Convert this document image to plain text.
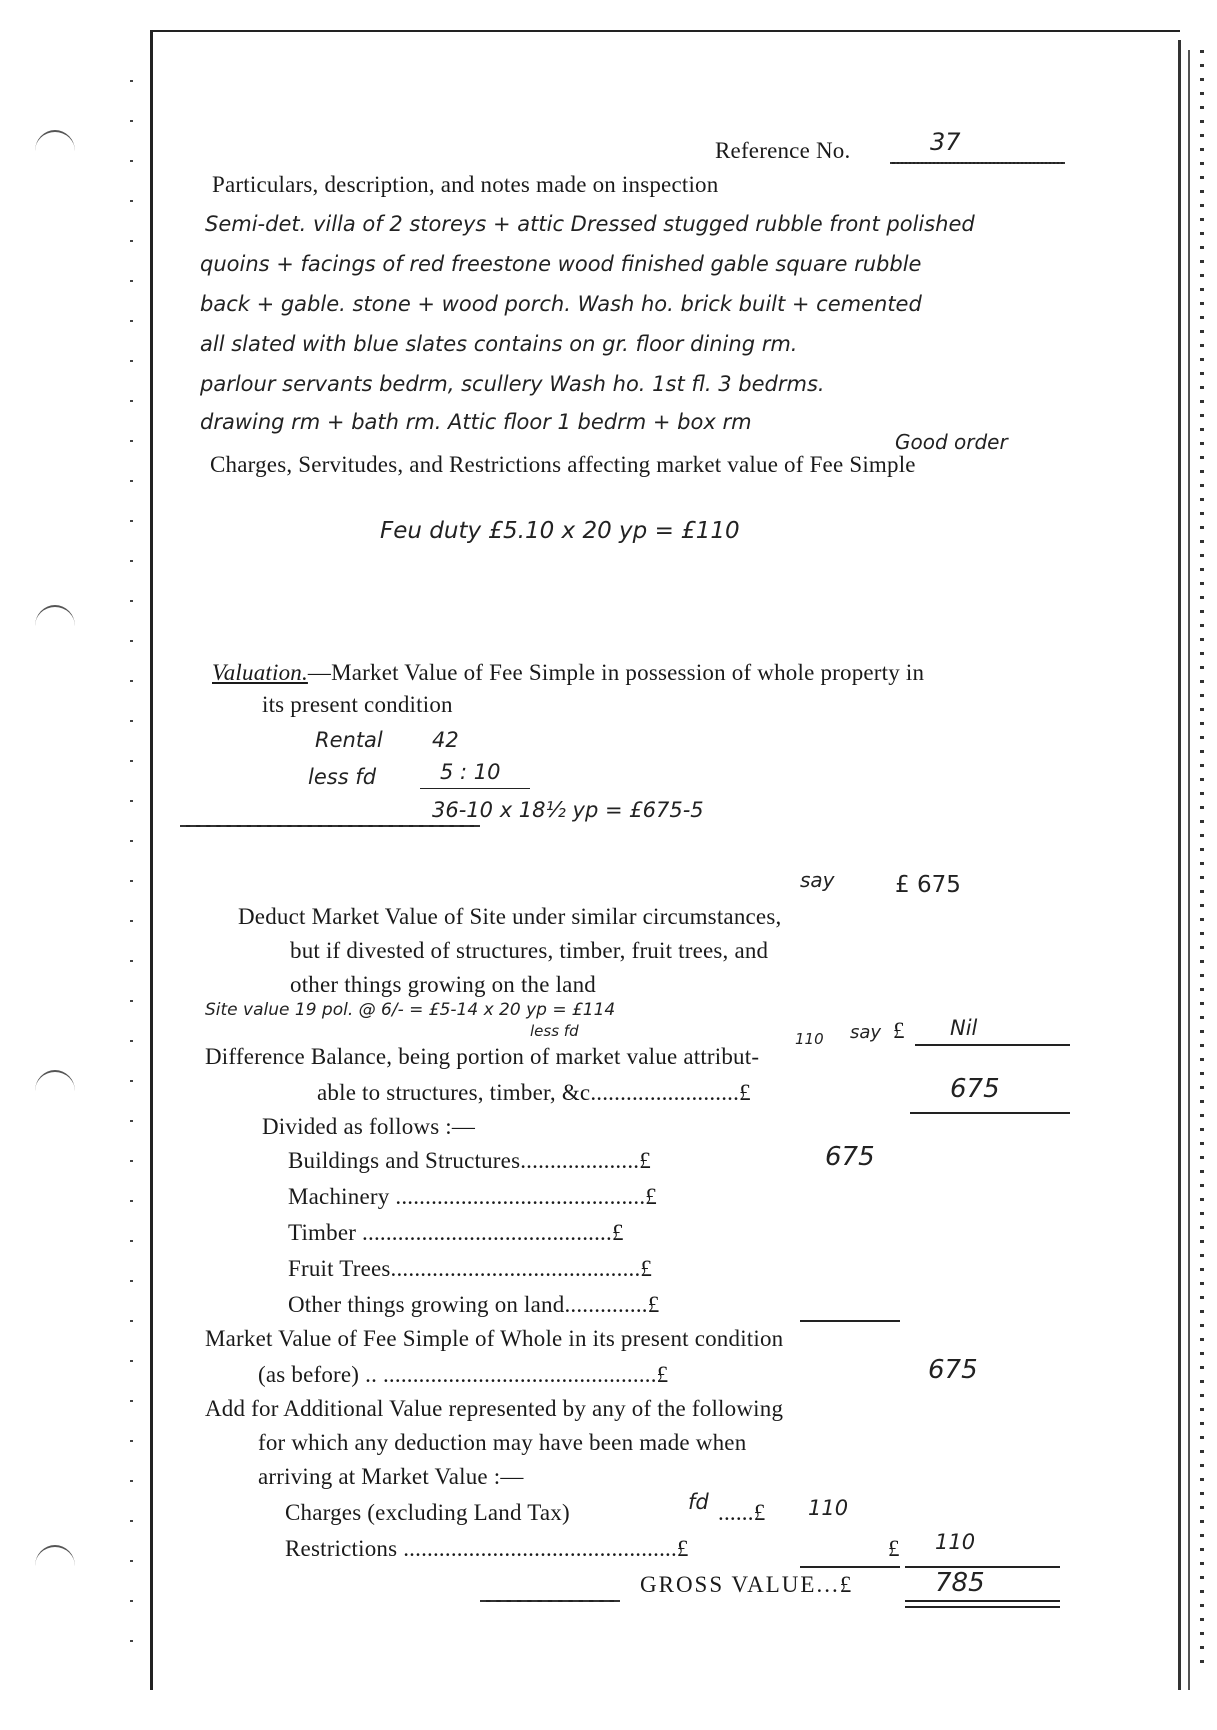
Reference No.	37
Particulars, description, and notes made on inspection
Semi-det. villa of 2 storeys + attic Dressed stugged rubble front polished
quoins + facings of red freestone wood finished gable square rubble
back + gable. stone + wood porch. Wash ho. brick built + cemented
all slated with blue slates contains on gr. floor dining rm.
parlour servants bedrm, scullery Wash ho. 1st fl. 3 bedrms.
drawing rm + bath rm. Attic floor 1 bedrm + box rm
Good order
Charges, Servitudes, and Restrictions affecting market value of Fee Simple
Feu duty £5.10 x 20 yp = £110
Valuation.—Market Value of Fee Simple in possession of whole property in
its present condition
Rental 42
less fd	5 : 10
36-10 x 18½ yp = £675-5
say	£ 675
Deduct Market Value of Site under similar circumstances,
but if divested of structures, timber, fruit trees, and
other things growing on the land
Site value 19 pol. @ 6/- = £5-14 x 20 yp = £114
less fd	110 say £ Nil
Difference Balance, being portion of market value attribut-
able to structures, timber, &c.........................£	675
Divided as follows :—
Buildings and Structures....................£	675
Machinery ..........................................£
Timber ..........................................£
Fruit Trees..........................................£
Other things growing on land..............£
Market Value of Fee Simple of Whole in its present condition
(as before) .. ..............................................£	675
Add for Additional Value represented by any of the following
for which any deduction may have been made when
arriving at Market Value :—
Charges (excluding Land Tax)	fd ......£ 110
Restrictions ..............................................£	£ 110
GROSS VALUE...£	785
